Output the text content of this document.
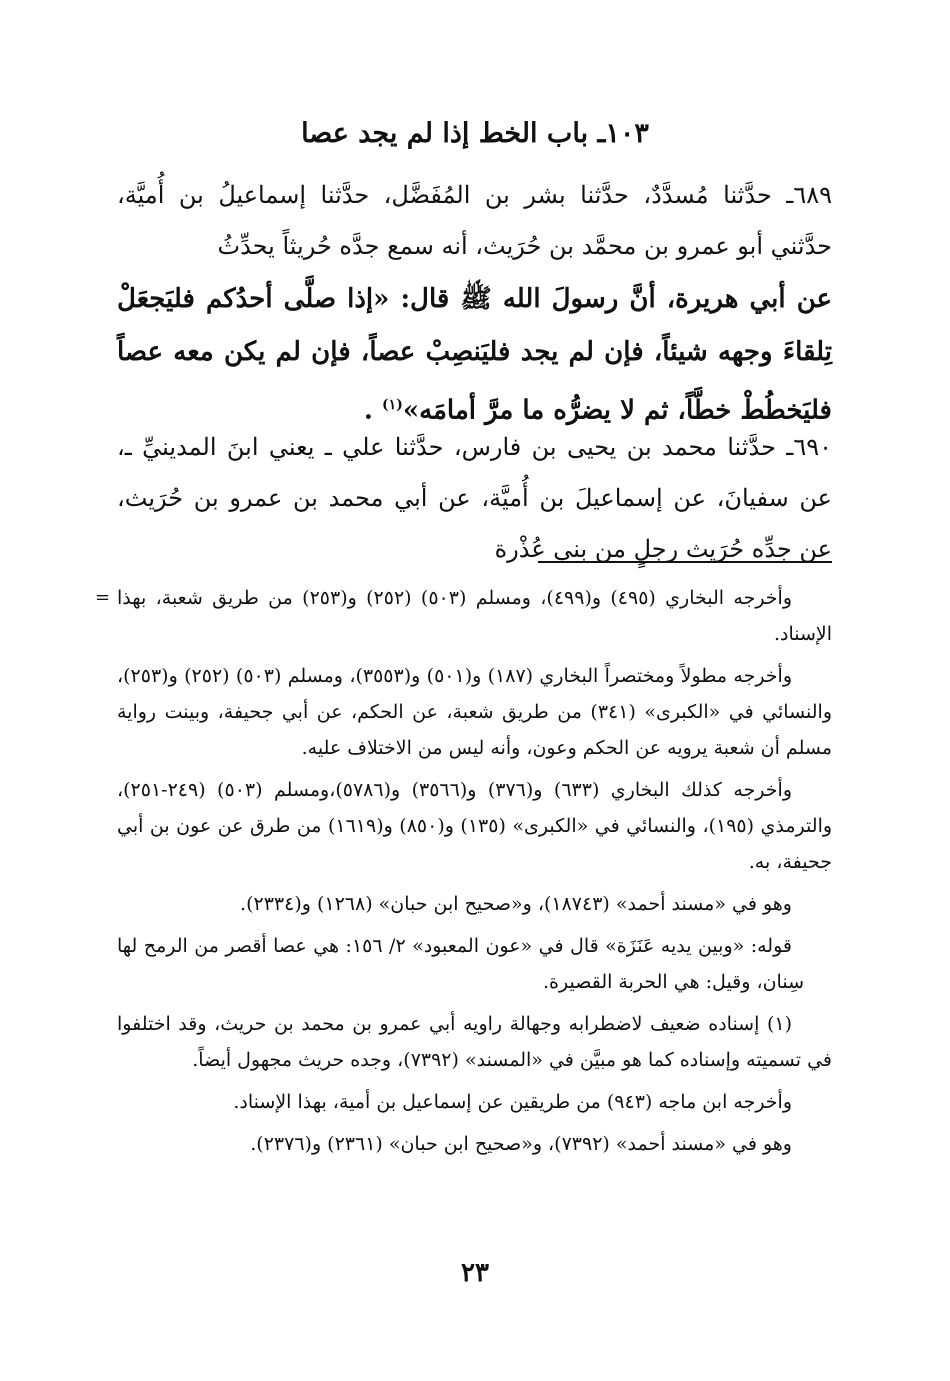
١٠٣ـ باب الخط إذا لم يجد عصا

٦٨٩ـ حدَّثنا مُسدَّدٌ، حدَّثنا بشر بن المُفَضَّل، حدَّثنا إسماعيلُ بن أُميَّة، حدَّثني أبو عمرو بن محمَّد بن حُرَيث، أنه سمع جدَّه حُريثاً يحدِّثُ

عن أبي هريرة، أنَّ رسولَ الله ﷺ قال: «إذا صلَّى أحدُكم فليَجعَلْ تِلقاءَ وجهه شيئاً، فإن لم يجد فليَنصِبْ عصاً، فإن لم يكن معه عصاً فليَخطُطْ خطَّاً، ثم لا يضرُّه ما مرَّ أمامَه»$^{(١)}$ .

٦٩٠ـ حدَّثنا محمد بن يحيى بن فارس، حدَّثنا علي ـ يعني ابنَ المدينيِّ ـ، عن سفيانَ، عن إسماعيلَ بن أُميَّة، عن أبي محمد بن عمرو بن حُرَيث، عن جدِّه حُرَيث رجلٍ من بني عُذْرة

= وأخرجه البخاري (٤٩٥) و(٤٩٩)، ومسلم (٥٠٣) (٢٥٢) و(٢٥٣) من طريق شعبة، بهذا الإسناد.

وأخرجه مطولاً ومختصراً البخاري (١٨٧) و(٥٠١) و(٣٥٥٣)، ومسلم (٥٠٣) (٢٥٢) و(٢٥٣)، والنسائي في «الكبرى» (٣٤١) من طريق شعبة، عن الحكم، عن أبي جحيفة، وبينت رواية مسلم أن شعبة يرويه عن الحكم وعون، وأنه ليس من الاختلاف عليه.

وأخرجه كذلك البخاري (٦٣٣) و(٣٧٦) و(٣٥٦٦) و(٥٧٨٦)،ومسلم (٥٠٣) (٢٤٩-٢٥١)، والترمذي (١٩٥)، والنسائي في «الكبرى» (١٣٥) و(٨٥٠) و(١٦١٩) من طرق عن عون بن أبي جحيفة، به.

وهو في «مسند أحمد» (١٨٧٤٣)، و«صحيح ابن حبان» (١٢٦٨) و(٢٣٣٤).

قوله: «وبين يديه عَنَزَة» قال في «عون المعبود» ٢/ ١٥٦: هي عصا أقصر من الرمح لها سِنان، وقيل: هي الحربة القصيرة.

(١) إسناده ضعيف لاضطرابه وجهالة راويه أبي عمرو بن محمد بن حريث، وقد اختلفوا في تسميته وإسناده كما هو مبيَّن في «المسند» (٧٣٩٢)، وجده حريث مجهول أيضاً.

وأخرجه ابن ماجه (٩٤٣) من طريقين عن إسماعيل بن أمية، بهذا الإسناد.

وهو في «مسند أحمد» (٧٣٩٢)، و«صحيح ابن حبان» (٢٣٦١) و(٢٣٧٦).

٢٣
